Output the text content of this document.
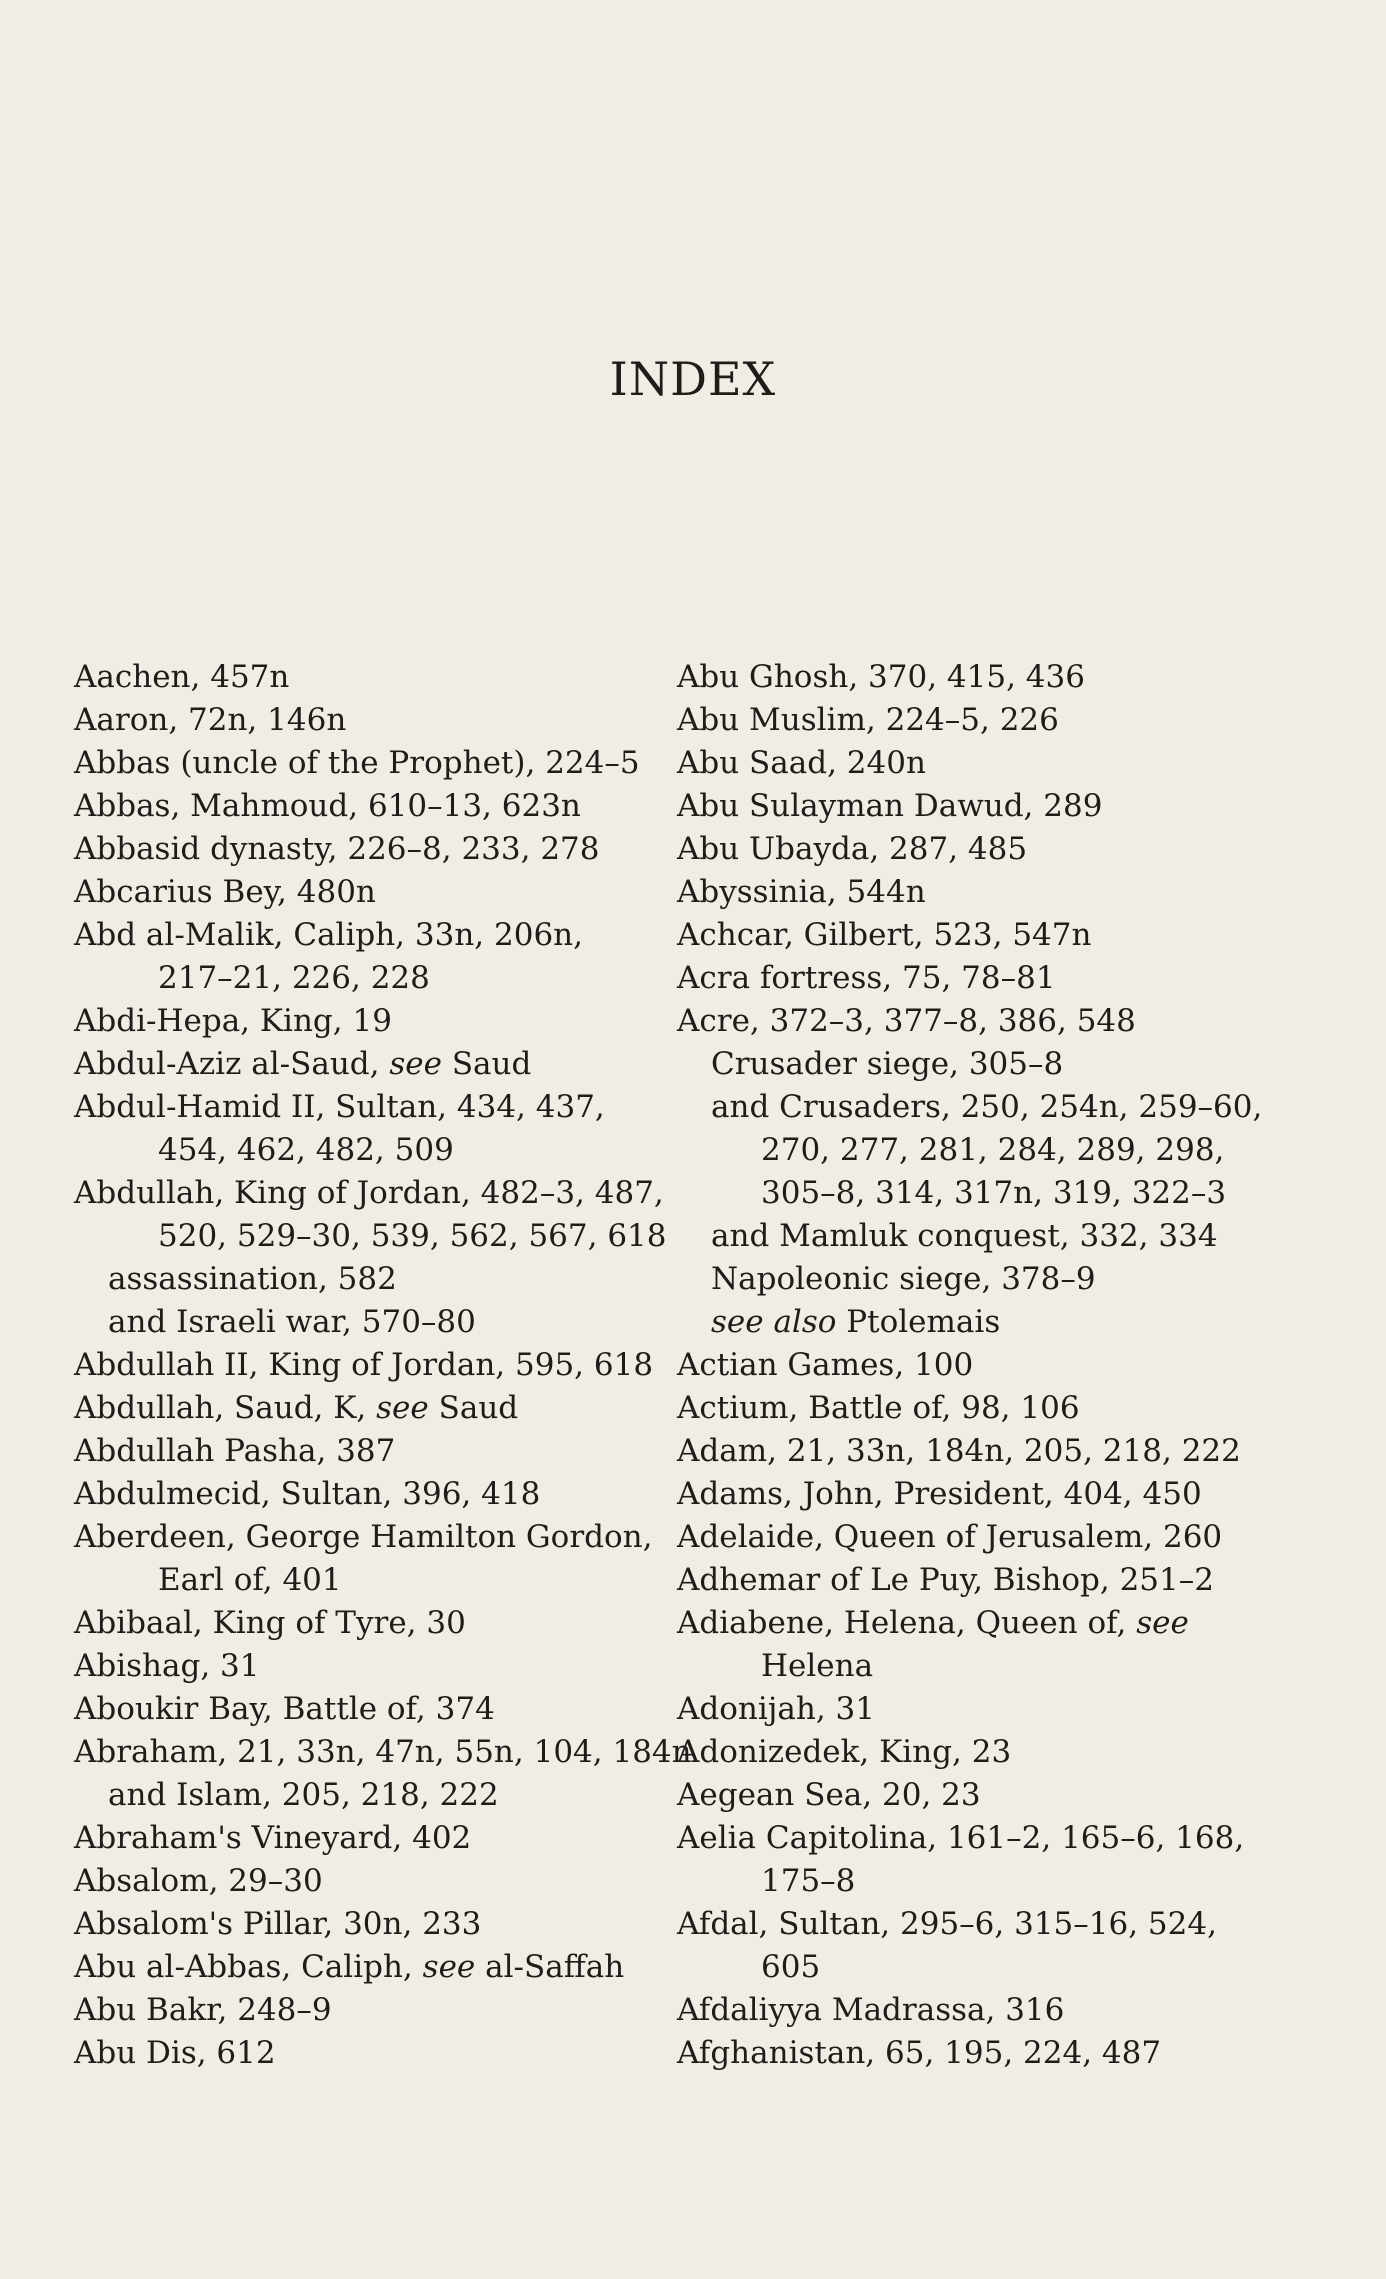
INDEX
Aachen, 457n
Aaron, 72n, 146n
Abbas (uncle of the Prophet), 224–5
Abbas, Mahmoud, 610–13, 623n
Abbasid dynasty, 226–8, 233, 278
Abcarius Bey, 480n
Abd al-Malik, Caliph, 33n, 206n,
217–21, 226, 228
Abdi-Hepa, King, 19
Abdul-Aziz al-Saud, see Saud
Abdul-Hamid II, Sultan, 434, 437,
454, 462, 482, 509
Abdullah, King of Jordan, 482–3, 487,
520, 529–30, 539, 562, 567, 618
assassination, 582
and Israeli war, 570–80
Abdullah II, King of Jordan, 595, 618
Abdullah, Saud, K, see Saud
Abdullah Pasha, 387
Abdulmecid, Sultan, 396, 418
Aberdeen, George Hamilton Gordon,
Earl of, 401
Abibaal, King of Tyre, 30
Abishag, 31
Aboukir Bay, Battle of, 374
Abraham, 21, 33n, 47n, 55n, 104, 184n
and Islam, 205, 218, 222
Abraham's Vineyard, 402
Absalom, 29–30
Absalom's Pillar, 30n, 233
Abu al-Abbas, Caliph, see al-Saffah
Abu Bakr, 248–9
Abu Dis, 612
Abu Ghosh, 370, 415, 436
Abu Muslim, 224–5, 226
Abu Saad, 240n
Abu Sulayman Dawud, 289
Abu Ubayda, 287, 485
Abyssinia, 544n
Achcar, Gilbert, 523, 547n
Acra fortress, 75, 78–81
Acre, 372–3, 377–8, 386, 548
Crusader siege, 305–8
and Crusaders, 250, 254n, 259–60,
270, 277, 281, 284, 289, 298,
305–8, 314, 317n, 319, 322–3
and Mamluk conquest, 332, 334
Napoleonic siege, 378–9
see also Ptolemais
Actian Games, 100
Actium, Battle of, 98, 106
Adam, 21, 33n, 184n, 205, 218, 222
Adams, John, President, 404, 450
Adelaide, Queen of Jerusalem, 260
Adhemar of Le Puy, Bishop, 251–2
Adiabene, Helena, Queen of, see
Helena
Adonijah, 31
Adonizedek, King, 23
Aegean Sea, 20, 23
Aelia Capitolina, 161–2, 165–6, 168,
175–8
Afdal, Sultan, 295–6, 315–16, 524,
605
Afdaliyya Madrassa, 316
Afghanistan, 65, 195, 224, 487
